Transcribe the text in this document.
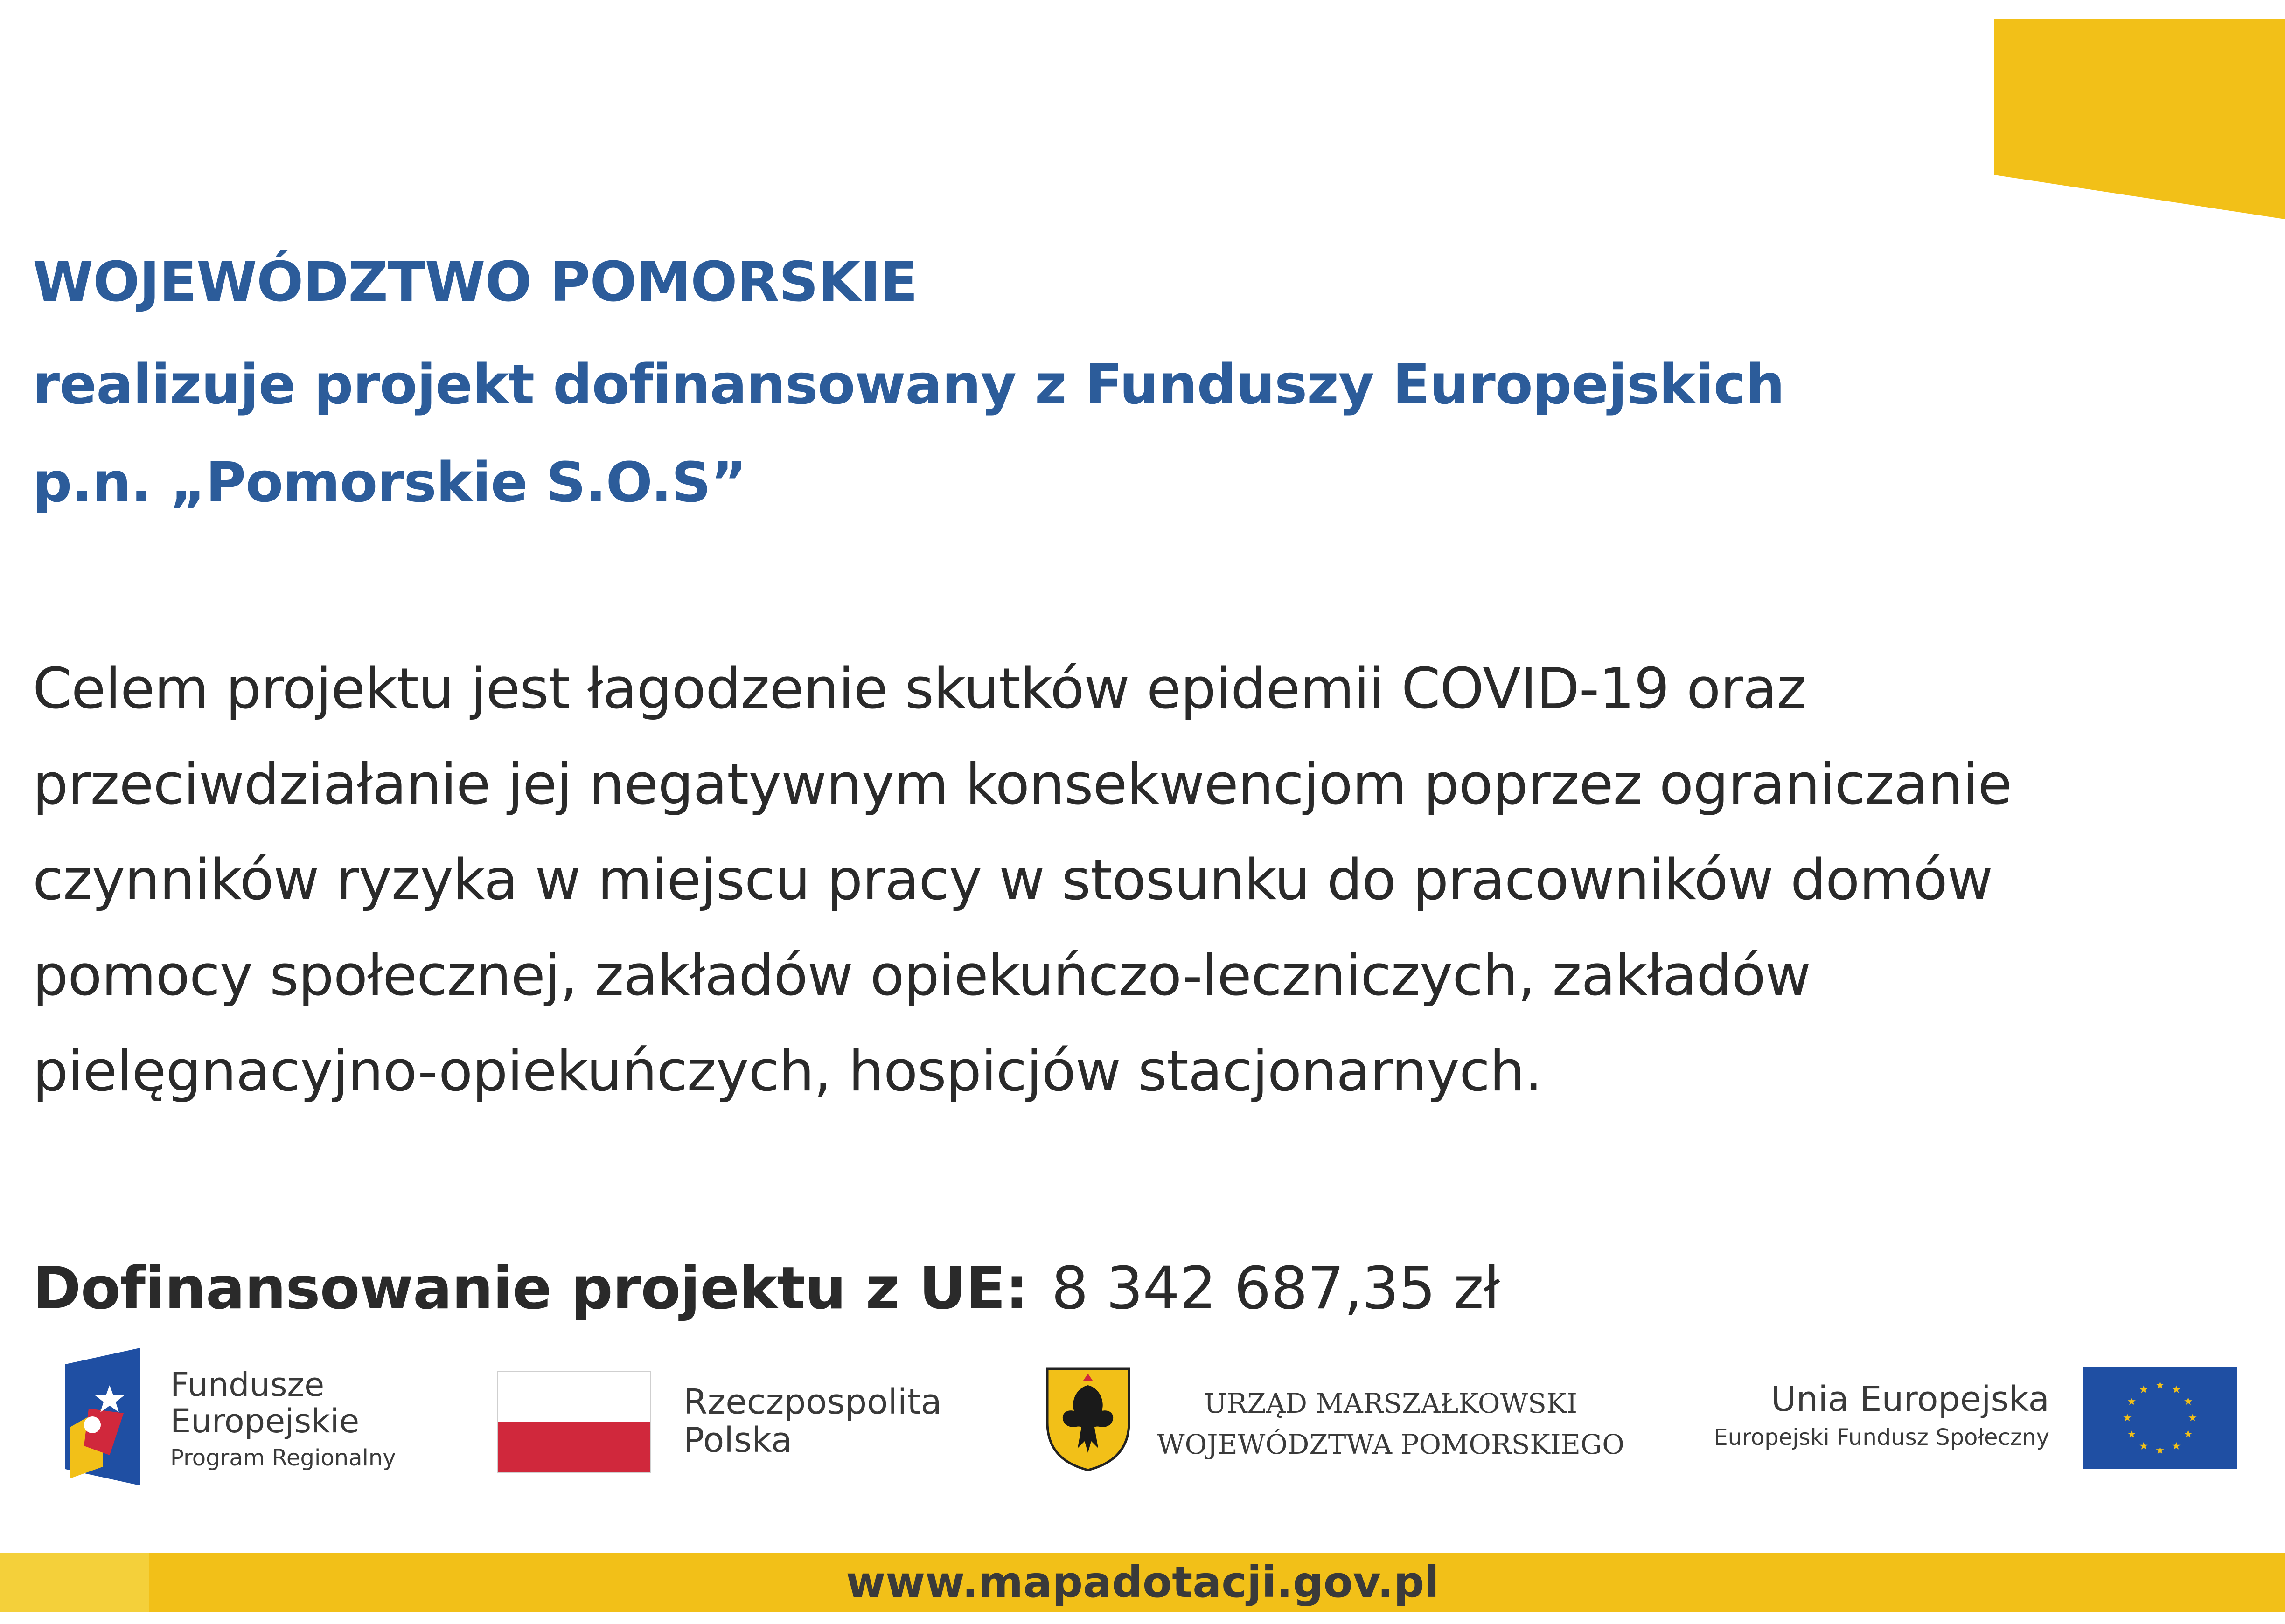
WOJEWÓDZTWO POMORSKIE
realizuje projekt dofinansowany z Funduszy Europejskich
p.n. „Pomorskie S.O.S”
Celem projektu jest łagodzenie skutków epidemii COVID-19 oraz
przeciwdziałanie jej negatywnym konsekwencjom poprzez ograniczanie
czynników ryzyka w miejscu pracy w stosunku do pracowników domów
pomocy społecznej, zakładów opiekuńczo-leczniczych, zakładów
pielęgnacyjno-opiekuńczych, hospicjów stacjonarnych.
Dofinansowanie projektu z UE: 8 342 687,35 zł
Fundusze
Europejskie
Program Regionalny
Rzeczpospolita
Polska
URZĄD MARSZAŁKOWSKI
WOJEWÓDZTWA POMORSKIEGO
Unia Europejska
Europejski Fundusz Społeczny
www.mapadotacji.gov.pl
